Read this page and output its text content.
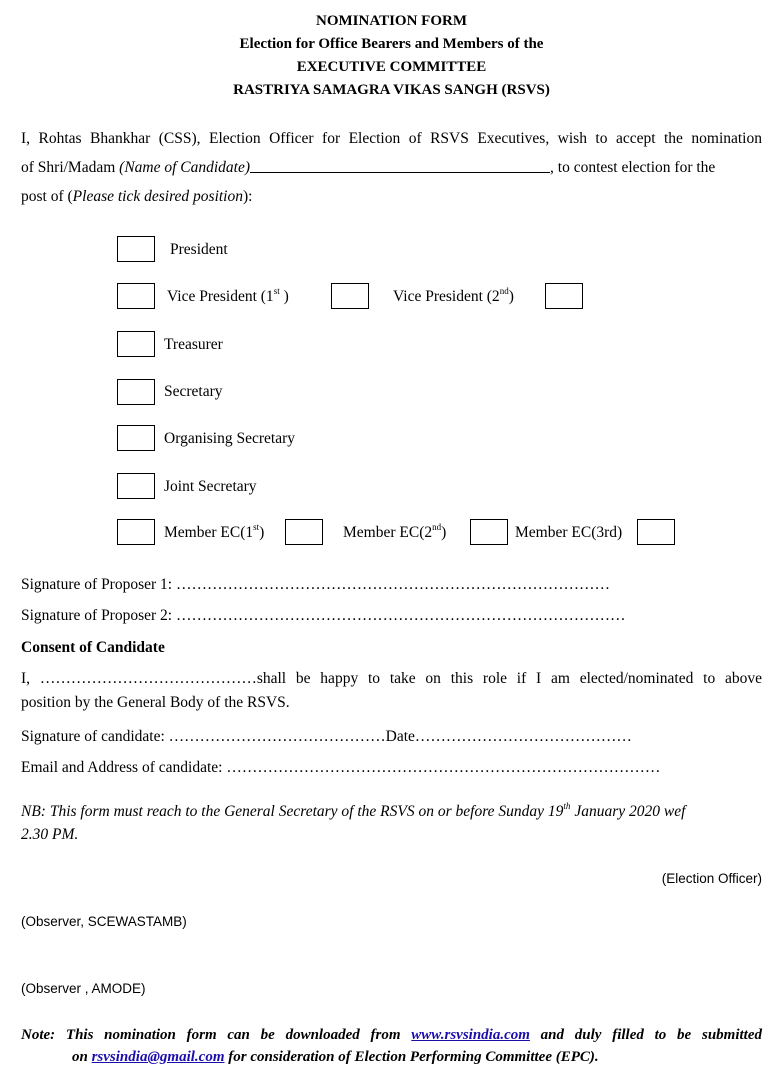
NOMINATION FORM
Election for Office Bearers and Members of the
EXECUTIVE COMMITTEE
RASTRIYA SAMAGRA VIKAS SANGH (RSVS)
I, Rohtas Bhankhar (CSS), Election Officer for Election of RSVS Executives, wish to accept the nomination
of Shri/Madam (Name of Candidate)	, to contest election for the
post of (Please tick desired position):
President
Vice President (1st )	Vice President (2nd)
Treasurer
Secretary
Organising Secretary
Joint Secretary
Member EC(1st)	Member EC(2nd)	Member EC(3rd)
Signature of Proposer 1: …………………………………………………………………………
Signature of Proposer 2: ……………………………………………………………………………
Consent of Candidate
I, ……………………………………shall be happy to take on this role if I am elected/nominated to above
position by the General Body of the RSVS.
Signature of candidate: ……………………………………Date……………………………………
Email and Address of candidate: …………………………………………………………………………
NB: This form must reach to the General Secretary of the RSVS on or before Sunday 19th January 2020 wef
2.30 PM.
(Election Officer)
(Observer, SCEWASTAMB)
(Observer , AMODE)
Note: This nomination form can be downloaded from www.rsvsindia.com and duly filled to be submitted
on rsvsindia@gmail.com for consideration of Election Performing Committee (EPC).
